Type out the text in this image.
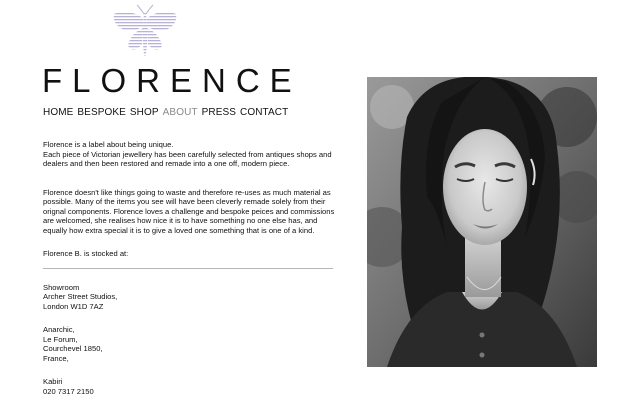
FLORENCE
HOME BESPOKE SHOP ABOUT PRESS CONTACT

Florence is a label about being unique.

Each piece of Victorian jewellery has been carefully selected from antiques shops and dealers and then been restored and remade into a one off, modern piece.

Florence doesn't like things going to waste and therefore re-uses as much material as possible. Many of the items you see will have been cleverly remade solely from their orignal components. Florence loves a challenge and bespoke peices and commissions are welcomed, she realises how nice it is to have something no one else has, and equally how extra special it is to give a loved one something that is one of a kind.

Florence B. is stocked at:

Showroom
Archer Street Studios,
London W1D 7AZ
Anarchic,
Le Forum,
Courchevel 1850,
France,
Kabiri
020 7317 2150
